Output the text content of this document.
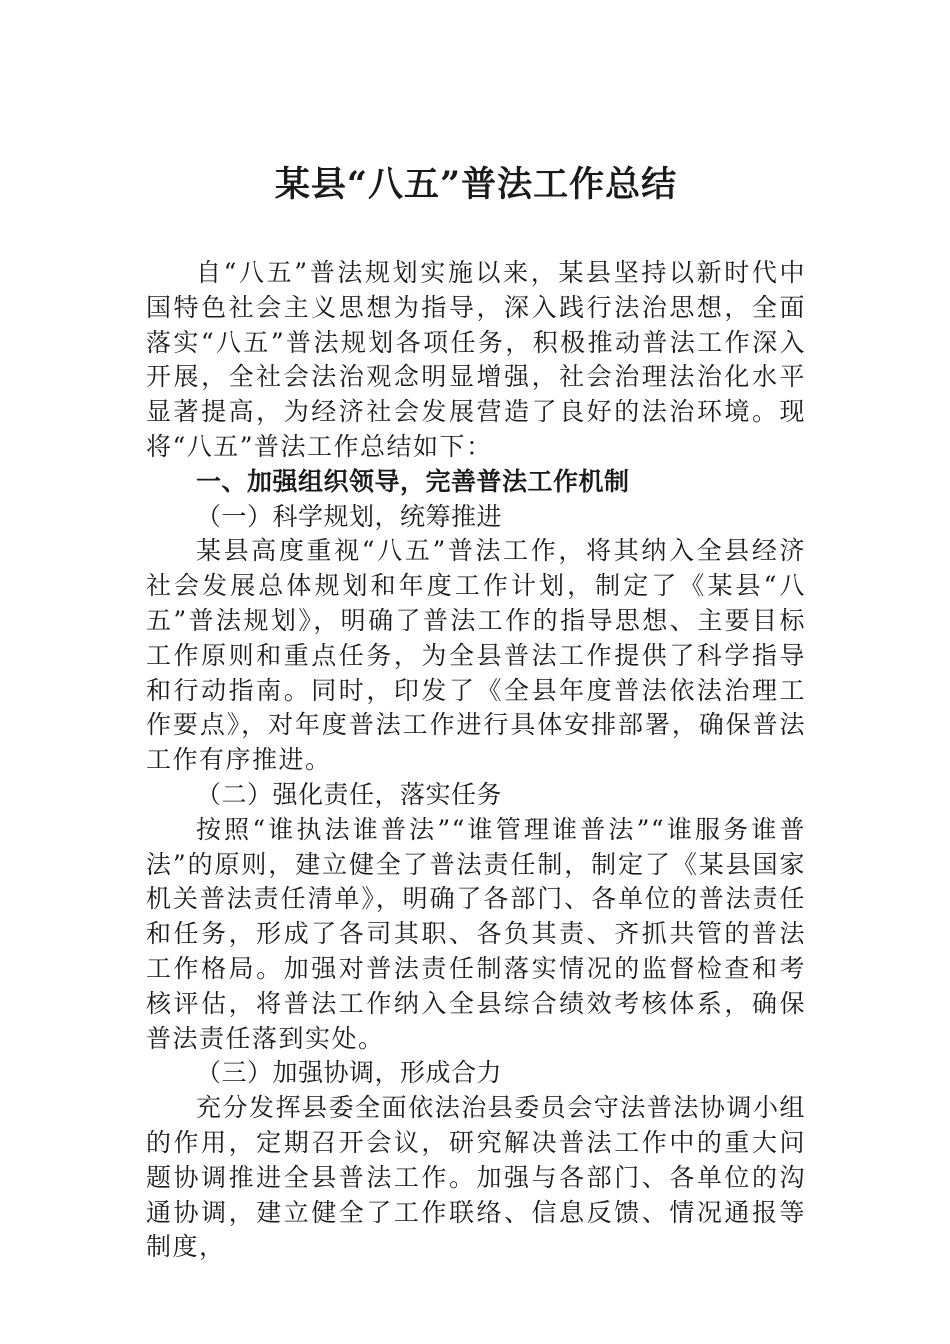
某县“八五”普法工作总结

自“八五”普法规划实施以来，某县坚持以新时代中国特色社会主义思想为指导，深入践行法治思想，全面落实“八五”普法规划各项任务，积极推动普法工作深入开展，全社会法治观念明显增强，社会治理法治化水平显著提高，为经济社会发展营造了良好的法治环境。现将“八五”普法工作总结如下：

一、加强组织领导，完善普法工作机制

（一）科学规划，统筹推进

某县高度重视“八五”普法工作，将其纳入全县经济社会发展总体规划和年度工作计划，制定了《某县“八五”普法规划》，明确了普法工作的指导思想、主要目标工作原则和重点任务，为全县普法工作提供了科学指导和行动指南。同时，印发了《全县年度普法依法治理工作要点》，对年度普法工作进行具体安排部署，确保普法工作有序推进。

（二）强化责任，落实任务

按照“谁执法谁普法”“谁管理谁普法”“谁服务谁普法”的原则，建立健全了普法责任制，制定了《某县国家机关普法责任清单》，明确了各部门、各单位的普法责任和任务，形成了各司其职、各负其责、齐抓共管的普法工作格局。加强对普法责任制落实情况的监督检查和考核评估，将普法工作纳入全县综合绩效考核体系，确保普法责任落到实处。

（三）加强协调，形成合力

充分发挥县委全面依法治县委员会守法普法协调小组的作用，定期召开会议，研究解决普法工作中的重大问题协调推进全县普法工作。加强与各部门、各单位的沟通协调，建立健全了工作联络、信息反馈、情况通报等制度，
